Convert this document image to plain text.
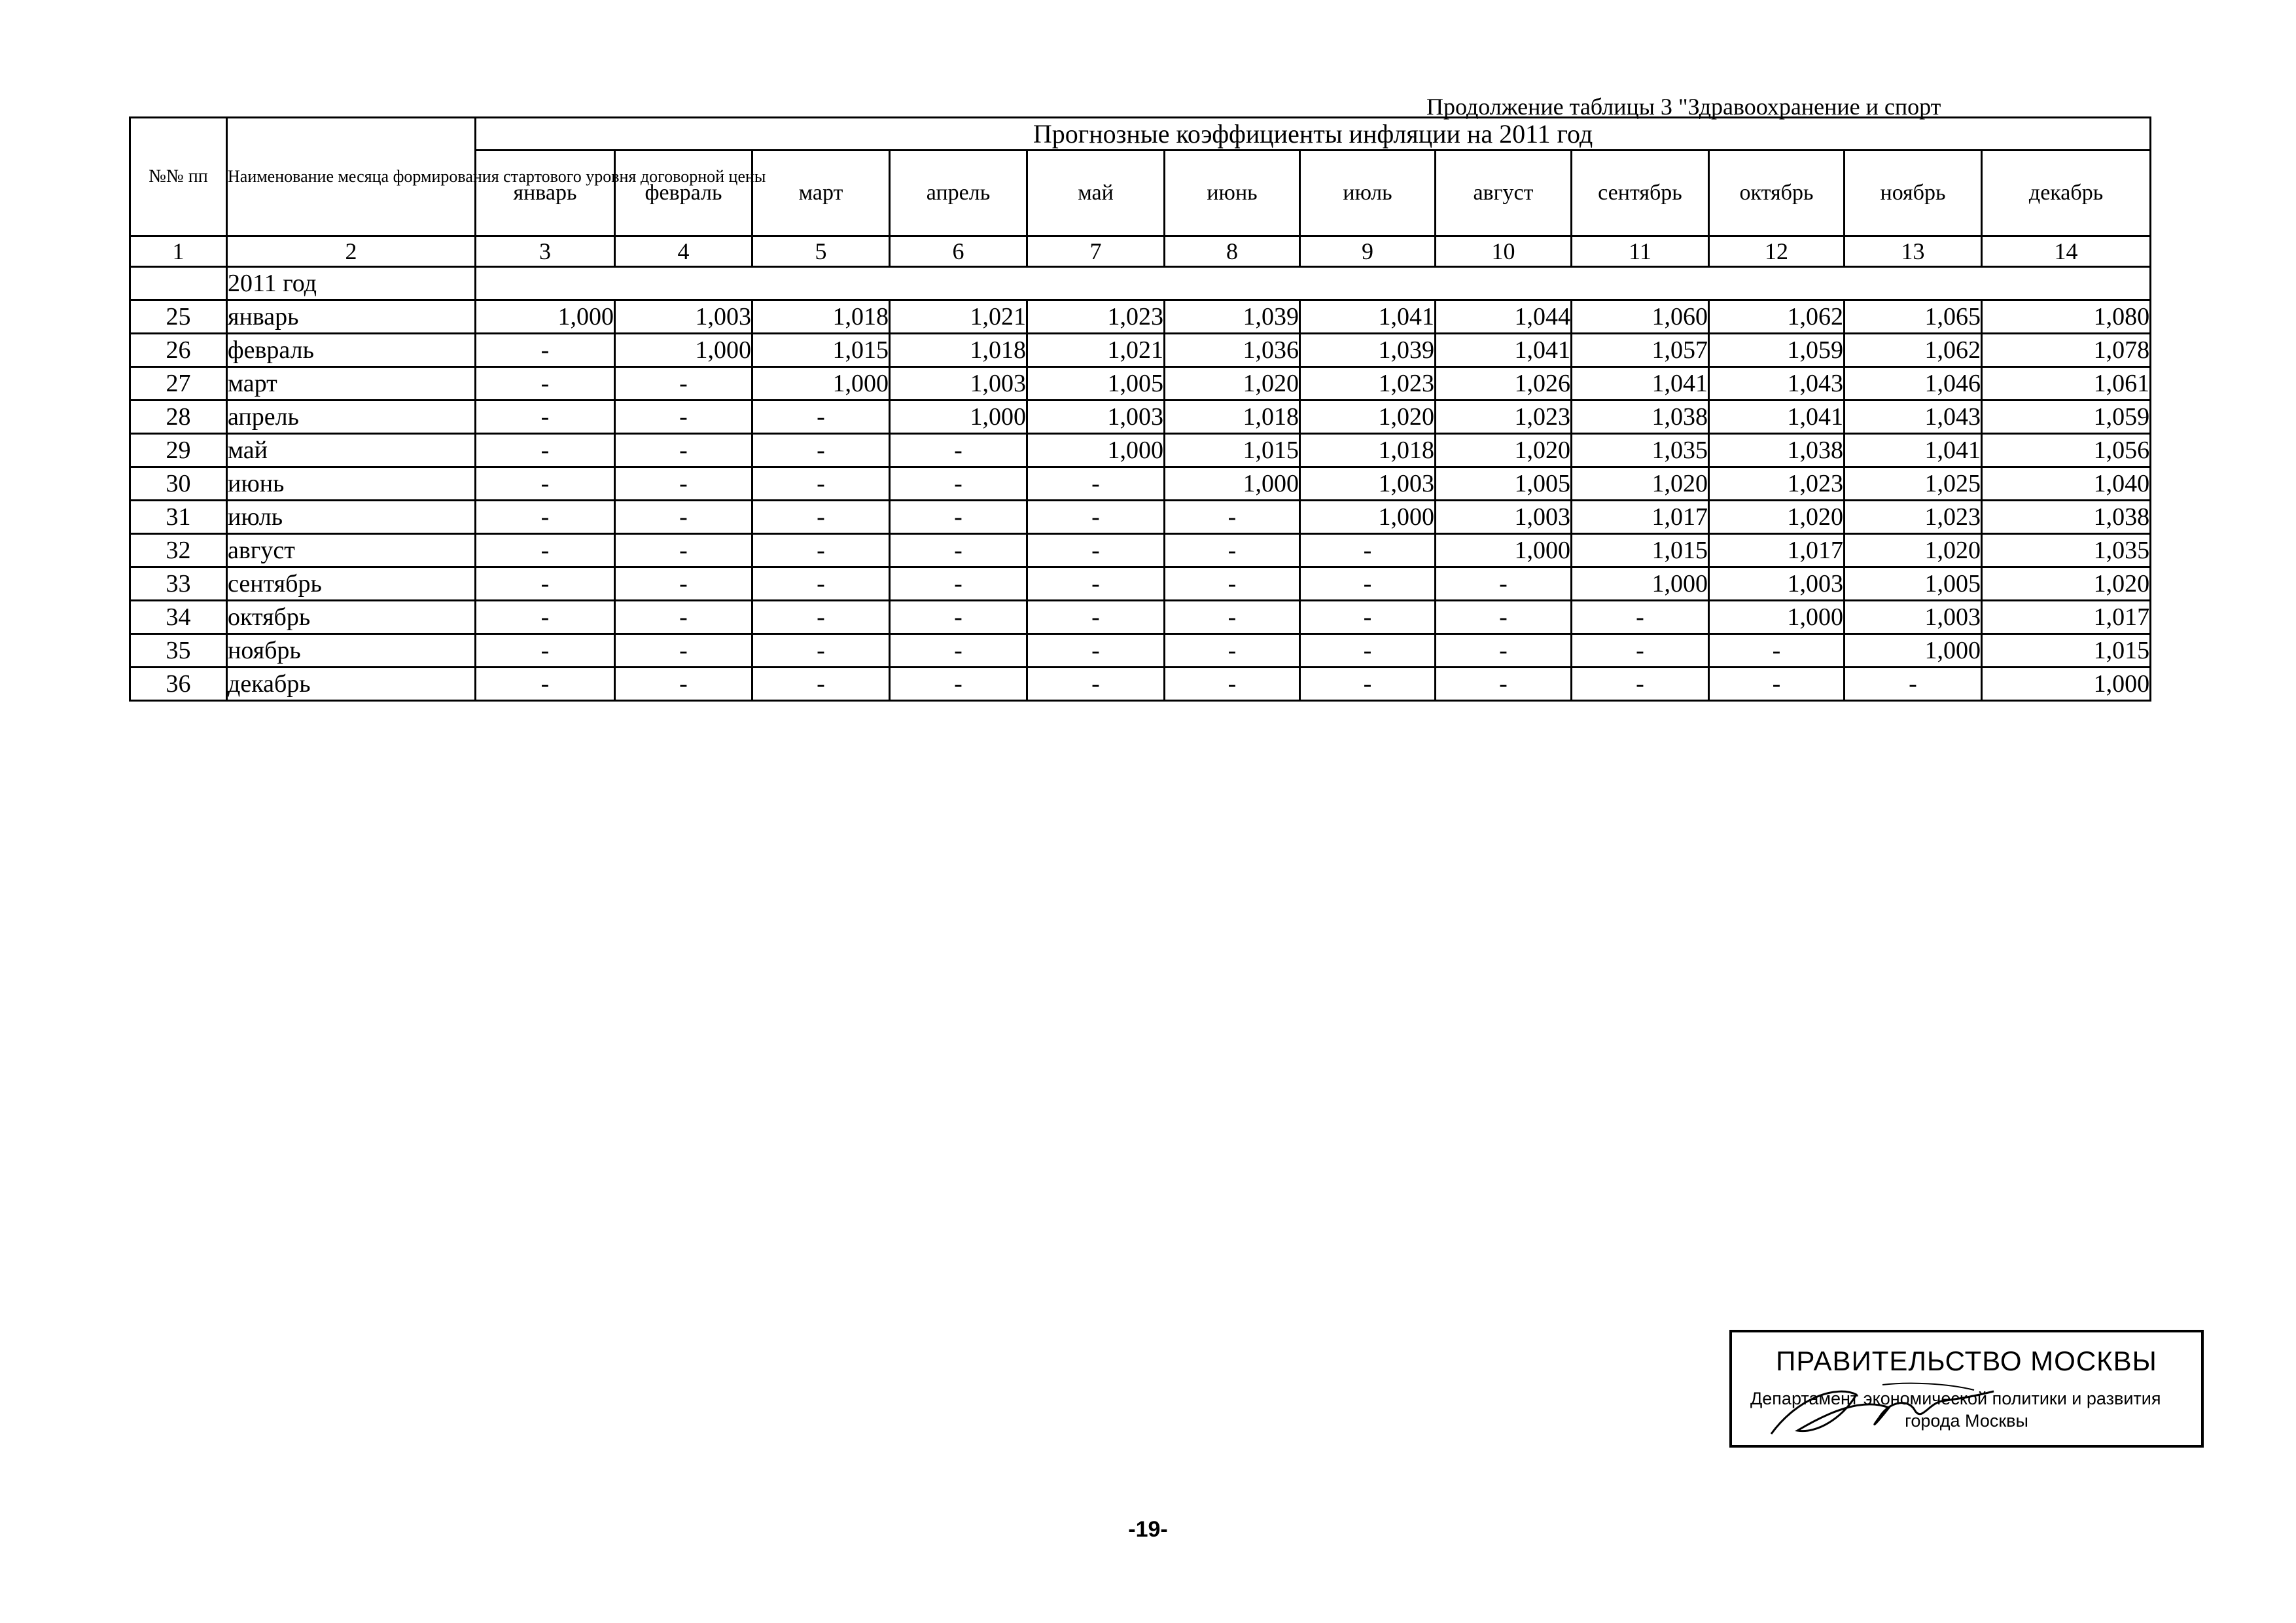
Продолжение таблицы 3 "Здравоохранение и спорт
№№ пп	Наименование месяца формирования стартового уровня договорной цены	Прогнозные коэффициенты инфляции на 2011 год											
		январь	февраль	март	апрель	май	июнь	июль	август	сентябрь	октябрь	ноябрь	декабрь
1	2	3	4	5	6	7	8	9	10	11	12	13	14
	2011 год												
25	январь	1,000	1,003	1,018	1,021	1,023	1,039	1,041	1,044	1,060	1,062	1,065	1,080
26	февраль	-	1,000	1,015	1,018	1,021	1,036	1,039	1,041	1,057	1,059	1,062	1,078
27	март	-	-	1,000	1,003	1,005	1,020	1,023	1,026	1,041	1,043	1,046	1,061
28	апрель	-	-	-	1,000	1,003	1,018	1,020	1,023	1,038	1,041	1,043	1,059
29	май	-	-	-	-	1,000	1,015	1,018	1,020	1,035	1,038	1,041	1,056
30	июнь	-	-	-	-	-	1,000	1,003	1,005	1,020	1,023	1,025	1,040
31	июль	-	-	-	-	-	-	1,000	1,003	1,017	1,020	1,023	1,038
32	август	-	-	-	-	-	-	-	1,000	1,015	1,017	1,020	1,035
33	сентябрь	-	-	-	-	-	-	-	-	1,000	1,003	1,005	1,020
34	октябрь	-	-	-	-	-	-	-	-	-	1,000	1,003	1,017
35	ноябрь	-	-	-	-	-	-	-	-	-	-	1,000	1,015
36	декабрь	-	-	-	-	-	-	-	-	-	-	-	1,000
ПРАВИТЕЛЬСТВО МОСКВЫ
Департамент экономической политики и развития
города Москвы
-19-
